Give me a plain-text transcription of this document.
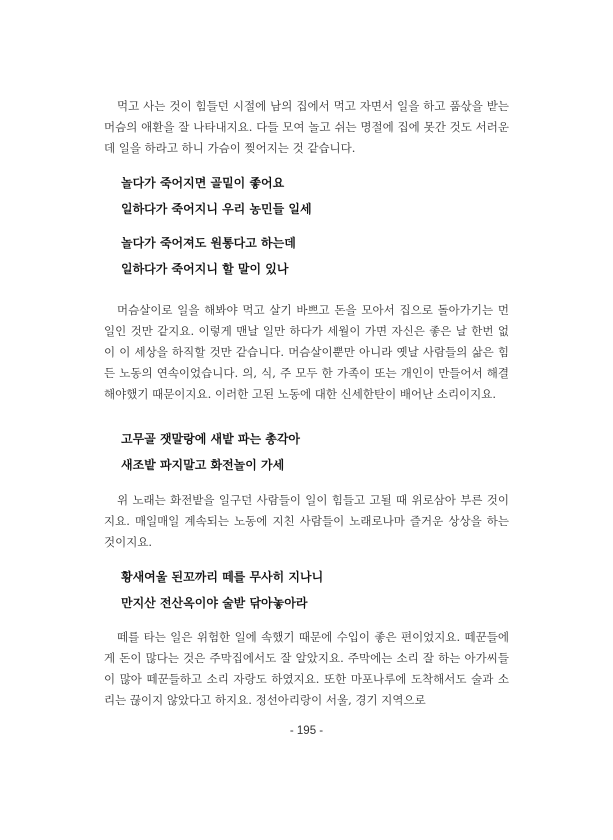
먹고 사는 것이 힘들던 시절에 남의 집에서 먹고 자면서 일을 하고 품삯을 받는 머슴의 애환을 잘 나타내지요. 다들 모여 놀고 쉬는 명절에 집에 못간 것도 서러운데 일을 하라고 하니 가슴이 찢어지는 것 같습니다.

놀다가 죽어지면 골밑이 좋어요
일하다가 죽어지니 우리 농민들 일세
놀다가 죽어져도 원통다고 하는데
일하다가 죽어지니 할 말이 있나

머슴살이로 일을 해봐야 먹고 살기 바쁘고 돈을 모아서 집으로 돌아가기는 먼일인 것만 같지요. 이렇게 맨날 일만 하다가 세월이 가면 자신은 좋은 날 한번 없이 이 세상을 하직할 것만 같습니다. 머슴살이뿐만 아니라 옛날 사람들의 삶은 힘든 노동의 연속이었습니다. 의, 식, 주 모두 한 가족이 또는 개인이 만들어서 해결해야했기 때문이지요. 이러한 고된 노동에 대한 신세한탄이 배어난 소리이지요.

고무골 잿말랑에 새밭 파는 총각아
새조밭 파지말고 화전놀이 가세

위 노래는 화전밭을 일구던 사람들이 일이 힘들고 고될 때 위로삼아 부른 것이지요. 매일매일 계속되는 노동에 지친 사람들이 노래로나마 즐거운 상상을 하는 것이지요.

황새여울 된꼬까리 떼를 무사히 지나니
만지산 전산옥이야 술받 닦아놓아라

떼를 타는 일은 위험한 일에 속했기 때문에 수입이 좋은 편이었지요. 떼꾼들에게 돈이 많다는 것은 주막집에서도 잘 알았지요. 주막에는 소리 잘 하는 아가씨들이 많아 떼꾼들하고 소리 자랑도 하였지요. 또한 마포나루에 도착해서도 술과 소리는 끊이지 않았다고 하지요. 정선아리랑이 서울, 경기 지역으로

- 195 -
